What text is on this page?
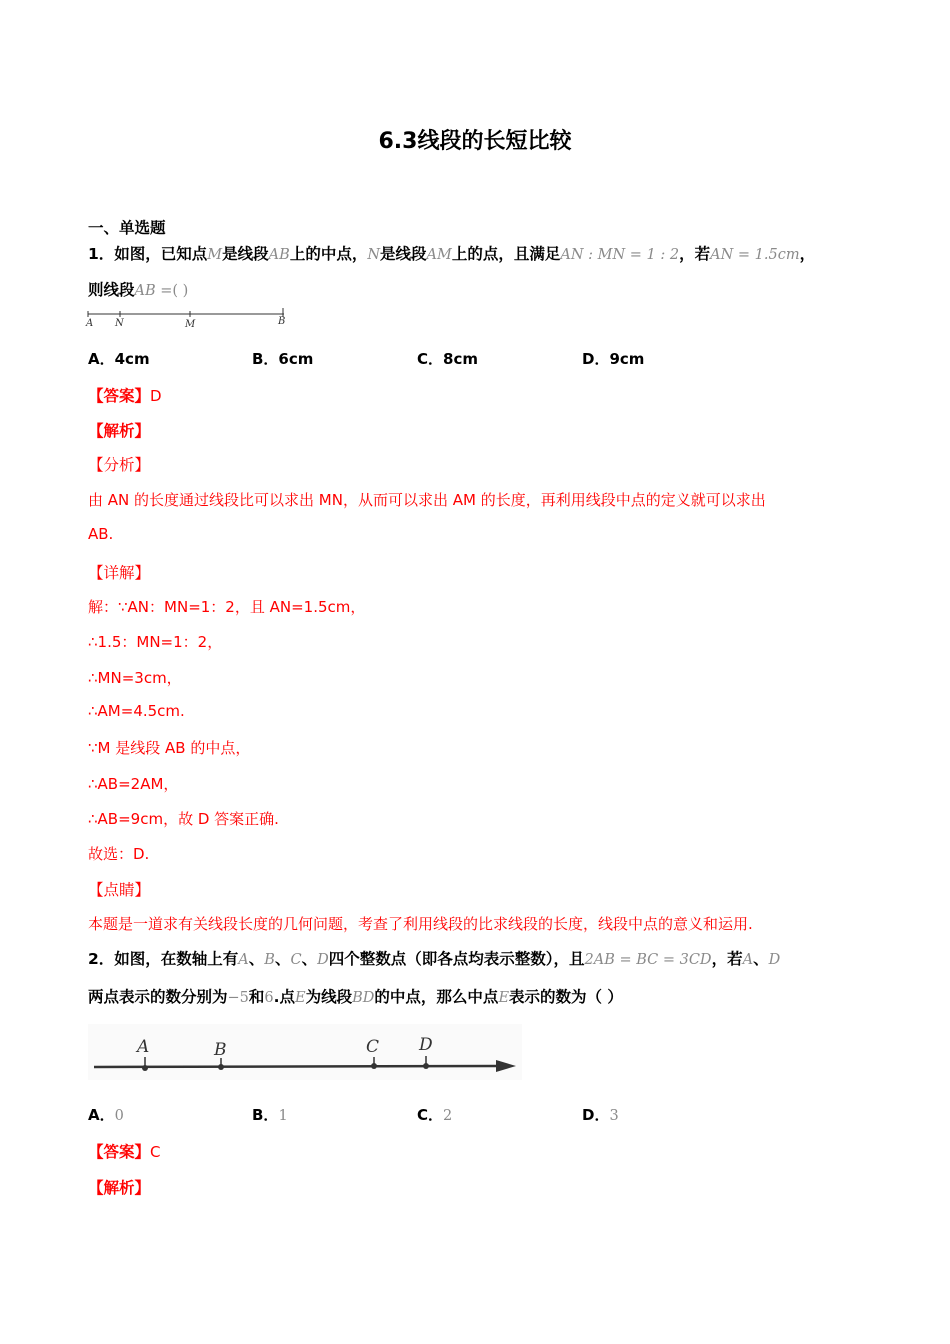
6.3线段的长短比较
一、单选题
1．如图，已知点M是线段AB上的中点，N是线段AM上的点，且满足AN : MN = 1 : 2，若AN = 1.5cm，
则线段AB =( )
A N	M	B
A．4cm	B．6cm	C．8cm	D．9cm
【答案】D
【解析】
【分析】
由 AN 的长度通过线段比可以求出 MN，从而可以求出 AM 的长度，再利用线段中点的定义就可以求出
AB.
【详解】
解：∵AN：MN=1：2，且 AN=1.5cm，
∴1.5：MN=1：2，
∴MN=3cm，
∴AM=4.5cm.
∵M 是线段 AB 的中点，
∴AB=2AM，
∴AB=9cm，故 D 答案正确.
故选：D.
【点睛】
本题是一道求有关线段长度的几何问题，考查了利用线段的比求线段的长度，线段中点的意义和运用.
2．如图，在数轴上有A、B、C、D四个整数点（即各点均表示整数），且2AB = BC = 3CD，若A、D
两点表示的数分别为−5和6.点E为线段BD的中点，那么中点E表示的数为（ ）
A	B	C D
A．0	B．1	C．2	D．3
【答案】C
【解析】
